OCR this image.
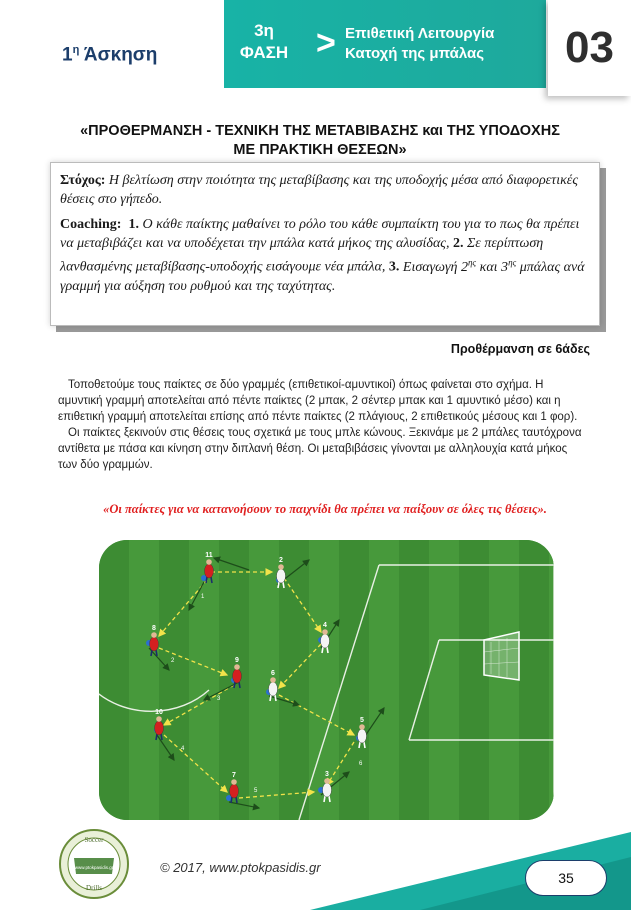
$1^\eta$ Άσκηση
3η
ΦΑΣΗ > Επιθετική Λειτουργία
Κατοχή της μπάλας	03
«ΠΡΟΘΕΡΜΑΝΣΗ - ΤΕΧΝΙΚΗ ΤΗΣ ΜΕΤΑΒΙΒΑΣΗΣ και ΤΗΣ ΥΠΟΔΟΧΗΣ
ΜΕ ΠΡΑΚΤΙΚΗ ΘΕΣΕΩΝ»

Στόχος: Η βελτίωση στην ποιότητα της μεταβίβασης και της υποδοχής μέσα από διαφορετικές θέσεις στο γήπεδο.

Coaching: 1. Ο κάθε παίκτης μαθαίνει το ρόλο του κάθε συμπαίκτη του για το πως θα πρέπει να μεταβιβάζει και να υποδέχεται την μπάλα κατά μήκος της αλυσίδας, 2. Σε περίπτωση λανθασμένης μεταβίβασης-υποδοχής εισάγουμε νέα μπάλα, 3. Εισαγωγή $2^{\eta\varsigma}$ και $3^{\eta\varsigma}$ μπάλας ανά γραμμή για αύξηση του ρυθμού και της ταχύτητας.

Προθέρμανση σε 6άδες

Τοποθετούμε τους παίκτες σε δύο γραμμές (επιθετικοί-αμυντικοί) όπως φαίνεται στο σχήμα. Η αμυντική γραμμή αποτελείται από πέντε παίκτες (2 μπακ, 2 σέντερ μπακ και 1 αμυντικό μέσο) και η επιθετική γραμμή αποτελείται επίσης από πέντε παίκτες (2 πλάγιους, 2 επιθετικούς μέσους και 1 φορ).

Οι παίκτες ξεκινούν στις θέσεις τους σχετικά με τους μπλε κώνους. Ξεκινάμε με 2 μπάλες ταυτόχρονα αντίθετα με πάσα και κίνηση στην διπλανή θέση. Οι μεταβιβάσεις γίνονται με αλληλουχία κατά μήκος των δύο γραμμών.

«Οι παίκτες για να κατανοήσουν το παιχνίδι θα πρέπει να παίξουν σε όλες τις θέσεις».
1
2
3
4
5
6
11
8
9
10
7
2
4
6
5
3
Soccer
www.ptokpasidis.gr
Drills
© 2017, www.ptokpasidis.gr
35
